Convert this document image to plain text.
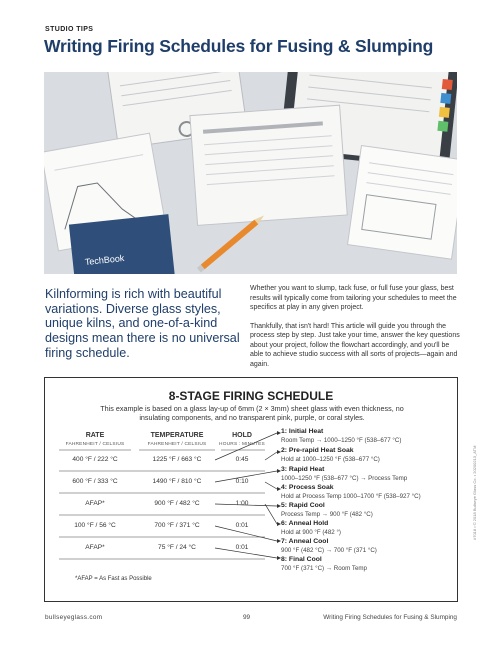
STUDIO TIPS
Writing Firing Schedules for Fusing & Slumping
TechBook
Kilnforming is rich with beautiful variations. Diverse glass styles, unique kilns, and one-of-a-kind designs mean there is no universal firing schedule.

Whether you want to slump, tack fuse, or full fuse your glass, best results will typically come from tailoring your schedules to meet the specifics at play in any given project.

Thankfully, that isn't hard! This article will guide you through the process step by step. Just take your time, answer the key questions about your project, follow the flowchart accordingly, and you'll be able to achieve studio success with all sorts of projects—again and again.

8-STAGE FIRING SCHEDULE
This example is based on a glass lay-up of 6mm (2 × 3mm) sheet glass with even thickness, no insulating components, and no transparent pink, purple, or coral styles.
RATE
FAHRENHEIT / CELSIUS
TEMPERATURE
FAHRENHEIT / CELSIUS
HOLD
HOURS : MINUTES
400 °F / 222 °C	1225 °F / 663 °C	0:45
600 °F / 333 °C	1490 °F / 810 °C	0:10
AFAP*	900 °F / 482 °C	1:00
100 °F / 56 °C	700 °F / 371 °C	0:01
AFAP*	75 °F / 24 °C	0:01
*AFAP = As Fast as Possible
1: Initial Heat
Room Temp → 1000–1250 °F (538–677 °C)
2: Pre-rapid Heat Soak
Hold at 1000–1250 °F (538–677 °C)
3: Rapid Heat
1000–1250 °F (538–677 °C) → Process Temp
4: Process Soak
Hold at Process Temp 1000–1700 °F (538–927 °C)
5: Rapid Cool
Process Temp → 900 °F (482 °C)
6: Anneal Hold
Hold at 900 °F (482 °)
7: Anneal Cool
900 °F (482 °C) → 700 °F (371 °C)
8: Final Cool
700 °F (371 °C) → Room Temp
bullseyeglass.com	99	Writing Firing Schedules for Fusing & Slumping
#7018 • © 2018 Bullseye Glass Co. • 20200213_ATM
